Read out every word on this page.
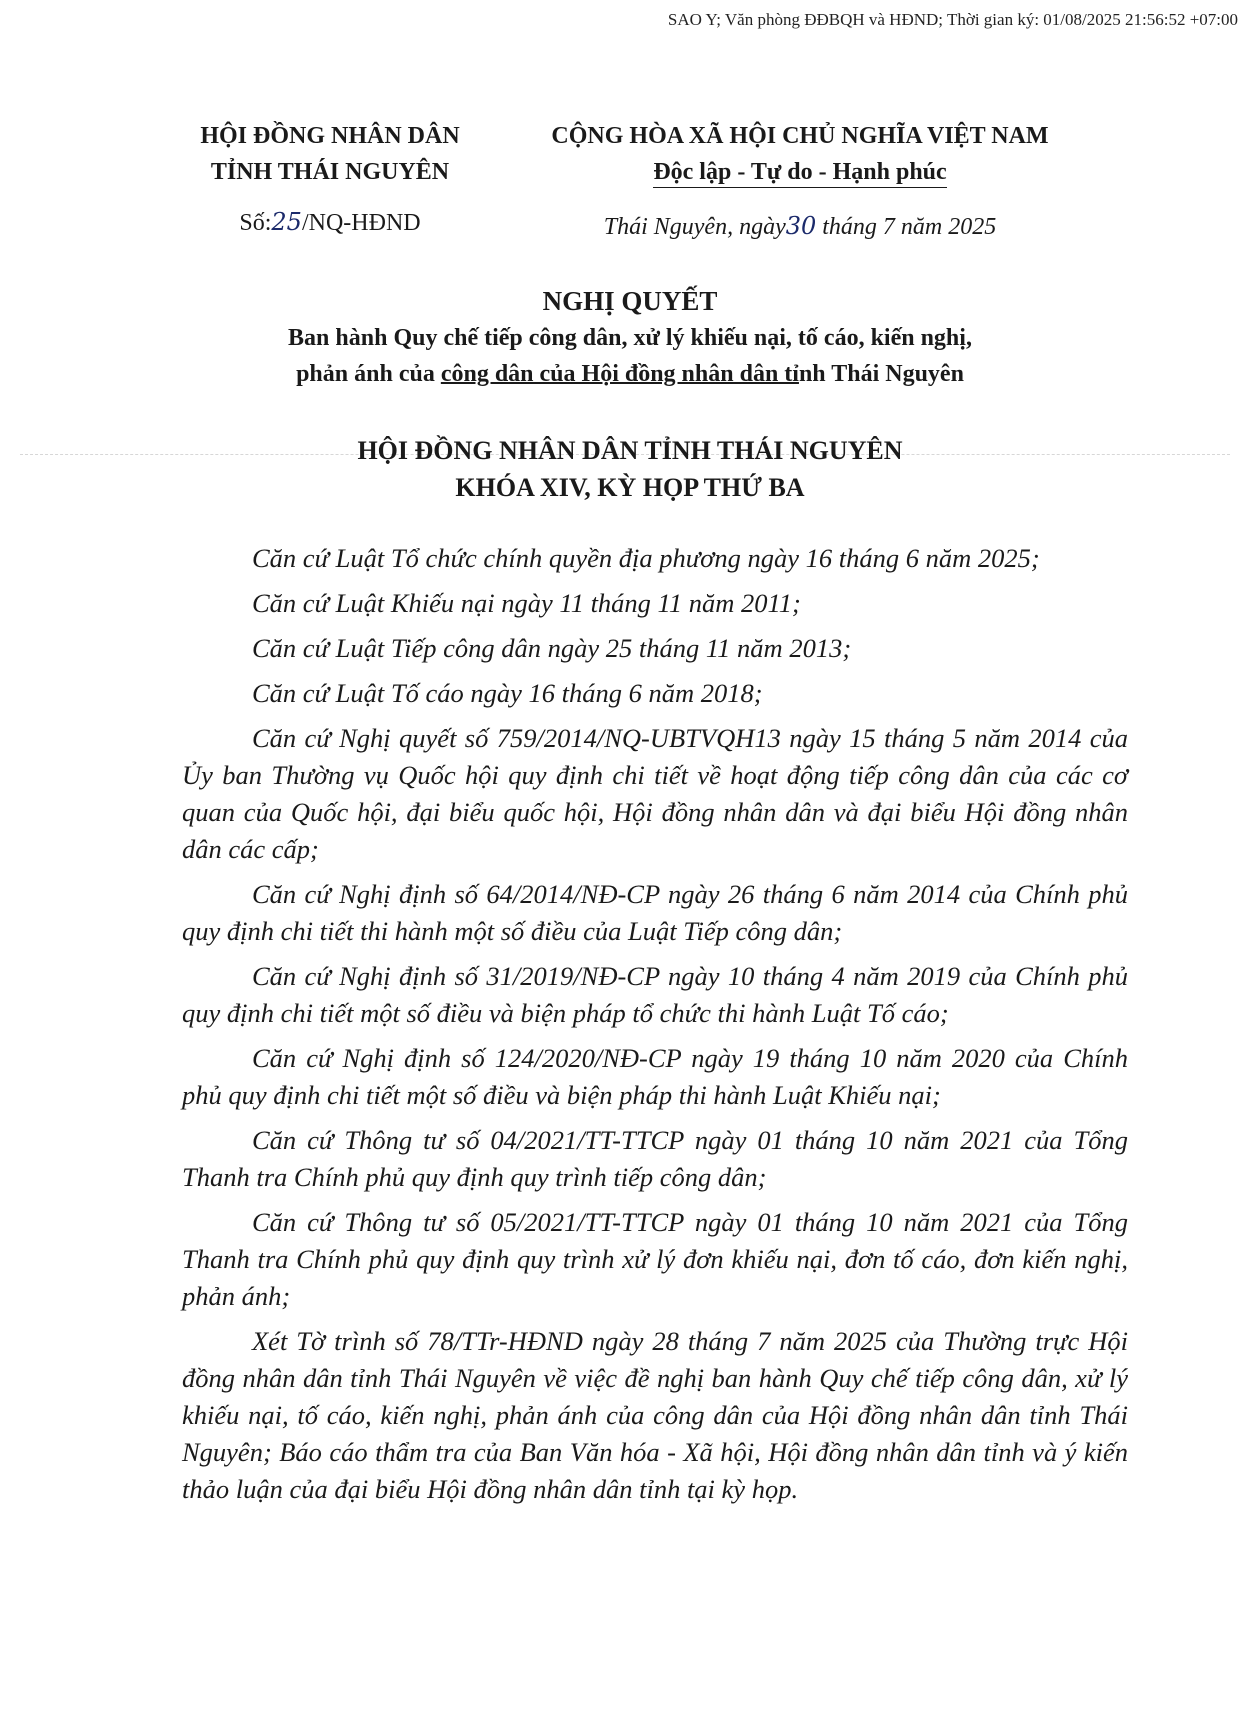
SAO Y; Văn phòng ĐĐBQH và HĐND; Thời gian ký: 01/08/2025 21:56:52 +07:00
HỘI ĐỒNG NHÂN DÂN
TỈNH THÁI NGUYÊN
Số:25/NQ-HĐND
CỘNG HÒA XÃ HỘI CHỦ NGHĨA VIỆT NAM
Độc lập - Tự do - Hạnh phúc
Thái Nguyên, ngày30 tháng 7 năm 2025
NGHỊ QUYẾT
Ban hành Quy chế tiếp công dân, xử lý khiếu nại, tố cáo, kiến nghị,
phản ánh của công dân của Hội đồng nhân dân tỉnh Thái Nguyên
HỘI ĐỒNG NHÂN DÂN TỈNH THÁI NGUYÊN
KHÓA XIV, KỲ HỌP THỨ BA

Căn cứ Luật Tổ chức chính quyền địa phương ngày 16 tháng 6 năm 2025;

Căn cứ Luật Khiếu nại ngày 11 tháng 11 năm 2011;

Căn cứ Luật Tiếp công dân ngày 25 tháng 11 năm 2013;

Căn cứ Luật Tố cáo ngày 16 tháng 6 năm 2018;

Căn cứ Nghị quyết số 759/2014/NQ-UBTVQH13 ngày 15 tháng 5 năm 2014 của Ủy ban Thường vụ Quốc hội quy định chi tiết về hoạt động tiếp công dân của các cơ quan của Quốc hội, đại biểu quốc hội, Hội đồng nhân dân và đại biểu Hội đồng nhân dân các cấp;

Căn cứ Nghị định số 64/2014/NĐ-CP ngày 26 tháng 6 năm 2014 của Chính phủ quy định chi tiết thi hành một số điều của Luật Tiếp công dân;

Căn cứ Nghị định số 31/2019/NĐ-CP ngày 10 tháng 4 năm 2019 của Chính phủ quy định chi tiết một số điều và biện pháp tổ chức thi hành Luật Tố cáo;

Căn cứ Nghị định số 124/2020/NĐ-CP ngày 19 tháng 10 năm 2020 của Chính phủ quy định chi tiết một số điều và biện pháp thi hành Luật Khiếu nại;

Căn cứ Thông tư số 04/2021/TT-TTCP ngày 01 tháng 10 năm 2021 của Tổng Thanh tra Chính phủ quy định quy trình tiếp công dân;

Căn cứ Thông tư số 05/2021/TT-TTCP ngày 01 tháng 10 năm 2021 của Tổng Thanh tra Chính phủ quy định quy trình xử lý đơn khiếu nại, đơn tố cáo, đơn kiến nghị, phản ánh;

Xét Tờ trình số 78/TTr-HĐND ngày 28 tháng 7 năm 2025 của Thường trực Hội đồng nhân dân tỉnh Thái Nguyên về việc đề nghị ban hành Quy chế tiếp công dân, xử lý khiếu nại, tố cáo, kiến nghị, phản ánh của công dân của Hội đồng nhân dân tỉnh Thái Nguyên; Báo cáo thẩm tra của Ban Văn hóa - Xã hội, Hội đồng nhân dân tỉnh và ý kiến thảo luận của đại biểu Hội đồng nhân dân tỉnh tại kỳ họp.
